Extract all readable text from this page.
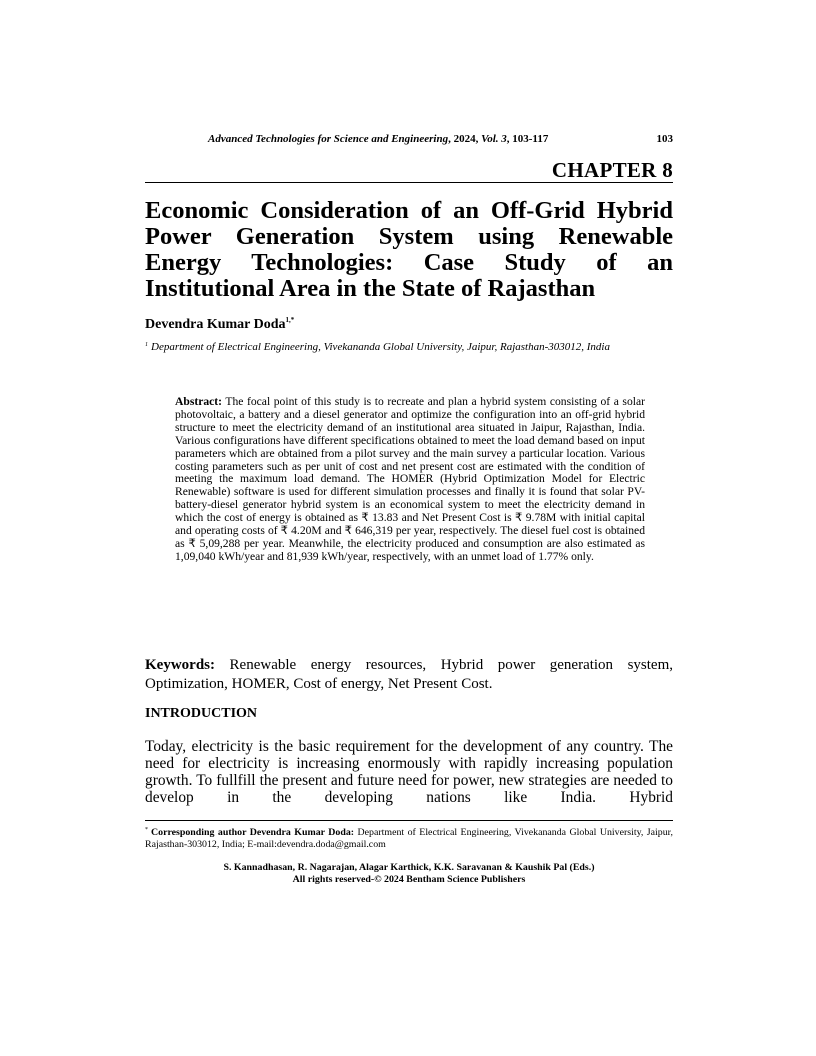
Advanced Technologies for Science and Engineering, 2024, Vol. 3, 103-117	103
CHAPTER 8
Economic Consideration of an Off-Grid Hybrid Power Generation System using Renewable Energy Technologies: Case Study of an Institutional Area in the State of Rajasthan
Devendra Kumar Doda$^{1,*}$
$^1$ Department of Electrical Engineering, Vivekananda Global University, Jaipur, Rajasthan-303012, India
Abstract: The focal point of this study is to recreate and plan a hybrid system consisting of a solar photovoltaic, a battery and a diesel generator and optimize the configuration into an off-grid hybrid structure to meet the electricity demand of an institutional area situated in Jaipur, Rajasthan, India. Various configurations have different specifications obtained to meet the load demand based on input parameters which are obtained from a pilot survey and the main survey a particular location. Various costing parameters such as per unit of cost and net present cost are estimated with the condition of meeting the maximum load demand. The HOMER (Hybrid Optimization Model for Electric Renewable) software is used for different simulation processes and finally it is found that solar PV-battery-diesel generator hybrid system is an economical system to meet the electricity demand in which the cost of energy is obtained as ₹ 13.83 and Net Present Cost is ₹ 9.78M with initial capital and operating costs of ₹ 4.20M and ₹ 646,319 per year, respectively. The diesel fuel cost is obtained as ₹ 5,09,288 per year. Meanwhile, the electricity produced and consumption are also estimated as 1,09,040 kWh/year and 81,939 kWh/year, respectively, with an unmet load of 1.77% only.
Keywords: Renewable energy resources, Hybrid power generation system, Optimization, HOMER, Cost of energy, Net Present Cost.
INTRODUCTION
Today, electricity is the basic requirement for the development of any country. The need for electricity is increasing enormously with rapidly increasing population growth. To fullfill the present and future need for power, new strategies are needed to develop in the developing nations like India. Hybrid
* Corresponding author Devendra Kumar Doda: Department of Electrical Engineering, Vivekananda Global University, Jaipur, Rajasthan-303012, India; E-mail:devendra.doda@gmail.com
S. Kannadhasan, R. Nagarajan, Alagar Karthick, K.K. Saravanan & Kaushik Pal (Eds.)
All rights reserved-© 2024 Bentham Science Publishers
